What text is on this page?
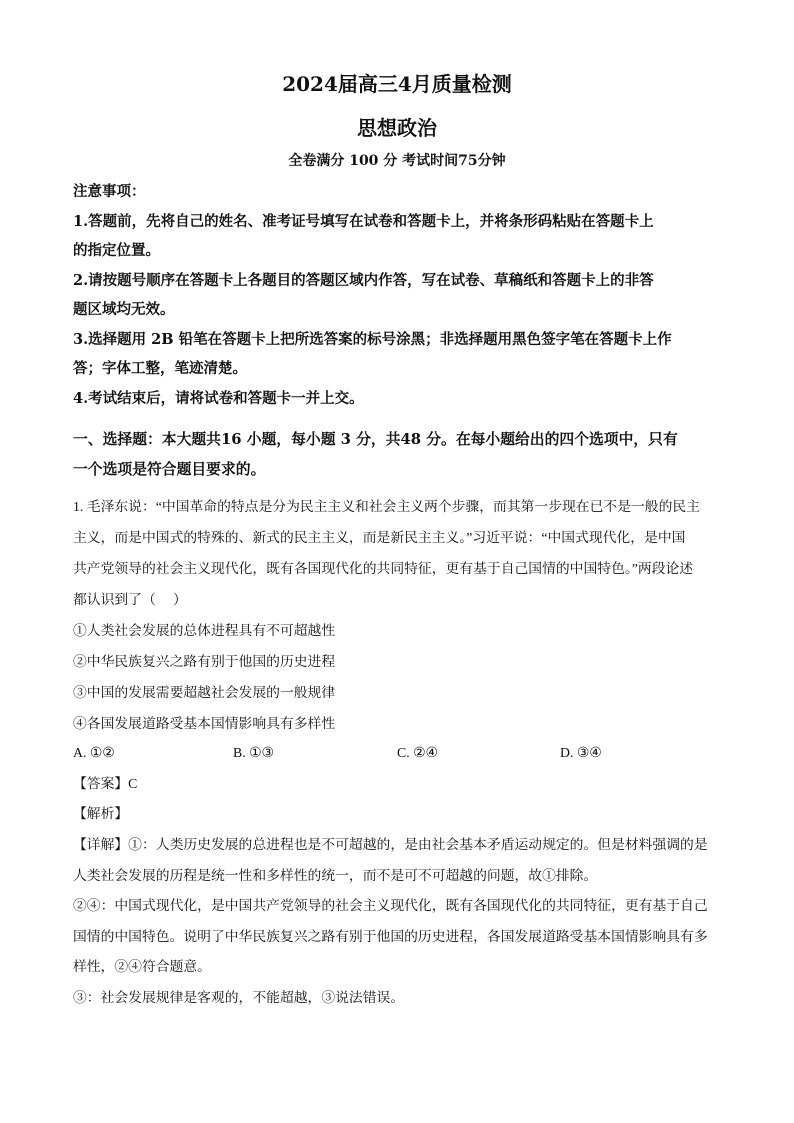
2024届高三4月质量检测
思想政治
全卷满分 100 分 考试时间75分钟
注意事项：
1.答题前，先将自己的姓名、准考证号填写在试卷和答题卡上，并将条形码粘贴在答题卡上
的指定位置。
2.请按题号顺序在答题卡上各题目的答题区域内作答，写在试卷、草稿纸和答题卡上的非答
题区域均无效。
3.选择题用 2B 铅笔在答题卡上把所选答案的标号涂黑；非选择题用黑色签字笔在答题卡上作
答；字体工整，笔迹清楚。
4.考试结束后，请将试卷和答题卡一并上交。
一、选择题：本大题共16 小题，每小题 3 分，共48 分。在每小题给出的四个选项中，只有
一个选项是符合题目要求的。
1. 毛泽东说：“中国革命的特点是分为民主主义和社会主义两个步骤，而其第一步现在已不是一般的民主
主义，而是中国式的特殊的、新式的民主主义，而是新民主主义。”习近平说：“中国式现代化，是中国
共产党领导的社会主义现代化，既有各国现代化的共同特征，更有基于自己国情的中国特色。”两段论述
都认识到了（　 ）
①人类社会发展的总体进程具有不可超越性
②中华民族复兴之路有别于他国的历史进程
③中国的发展需要超越社会发展的一般规律
④各国发展道路受基本国情影响具有多样性
A. ①②	B. ①③	C. ②④	D. ③④
【答案】C
【解析】
【详解】①：人类历史发展的总进程也是不可超越的，是由社会基本矛盾运动规定的。但是材料强调的是
人类社会发展的历程是统一性和多样性的统一，而不是可不可超越的问题，故①排除。
②④：中国式现代化，是中国共产党领导的社会主义现代化，既有各国现代化的共同特征，更有基于自己
国情的中国特色。说明了中华民族复兴之路有别于他国的历史进程，各国发展道路受基本国情影响具有多
样性，②④符合题意。
③：社会发展规律是客观的，不能超越，③说法错误。
